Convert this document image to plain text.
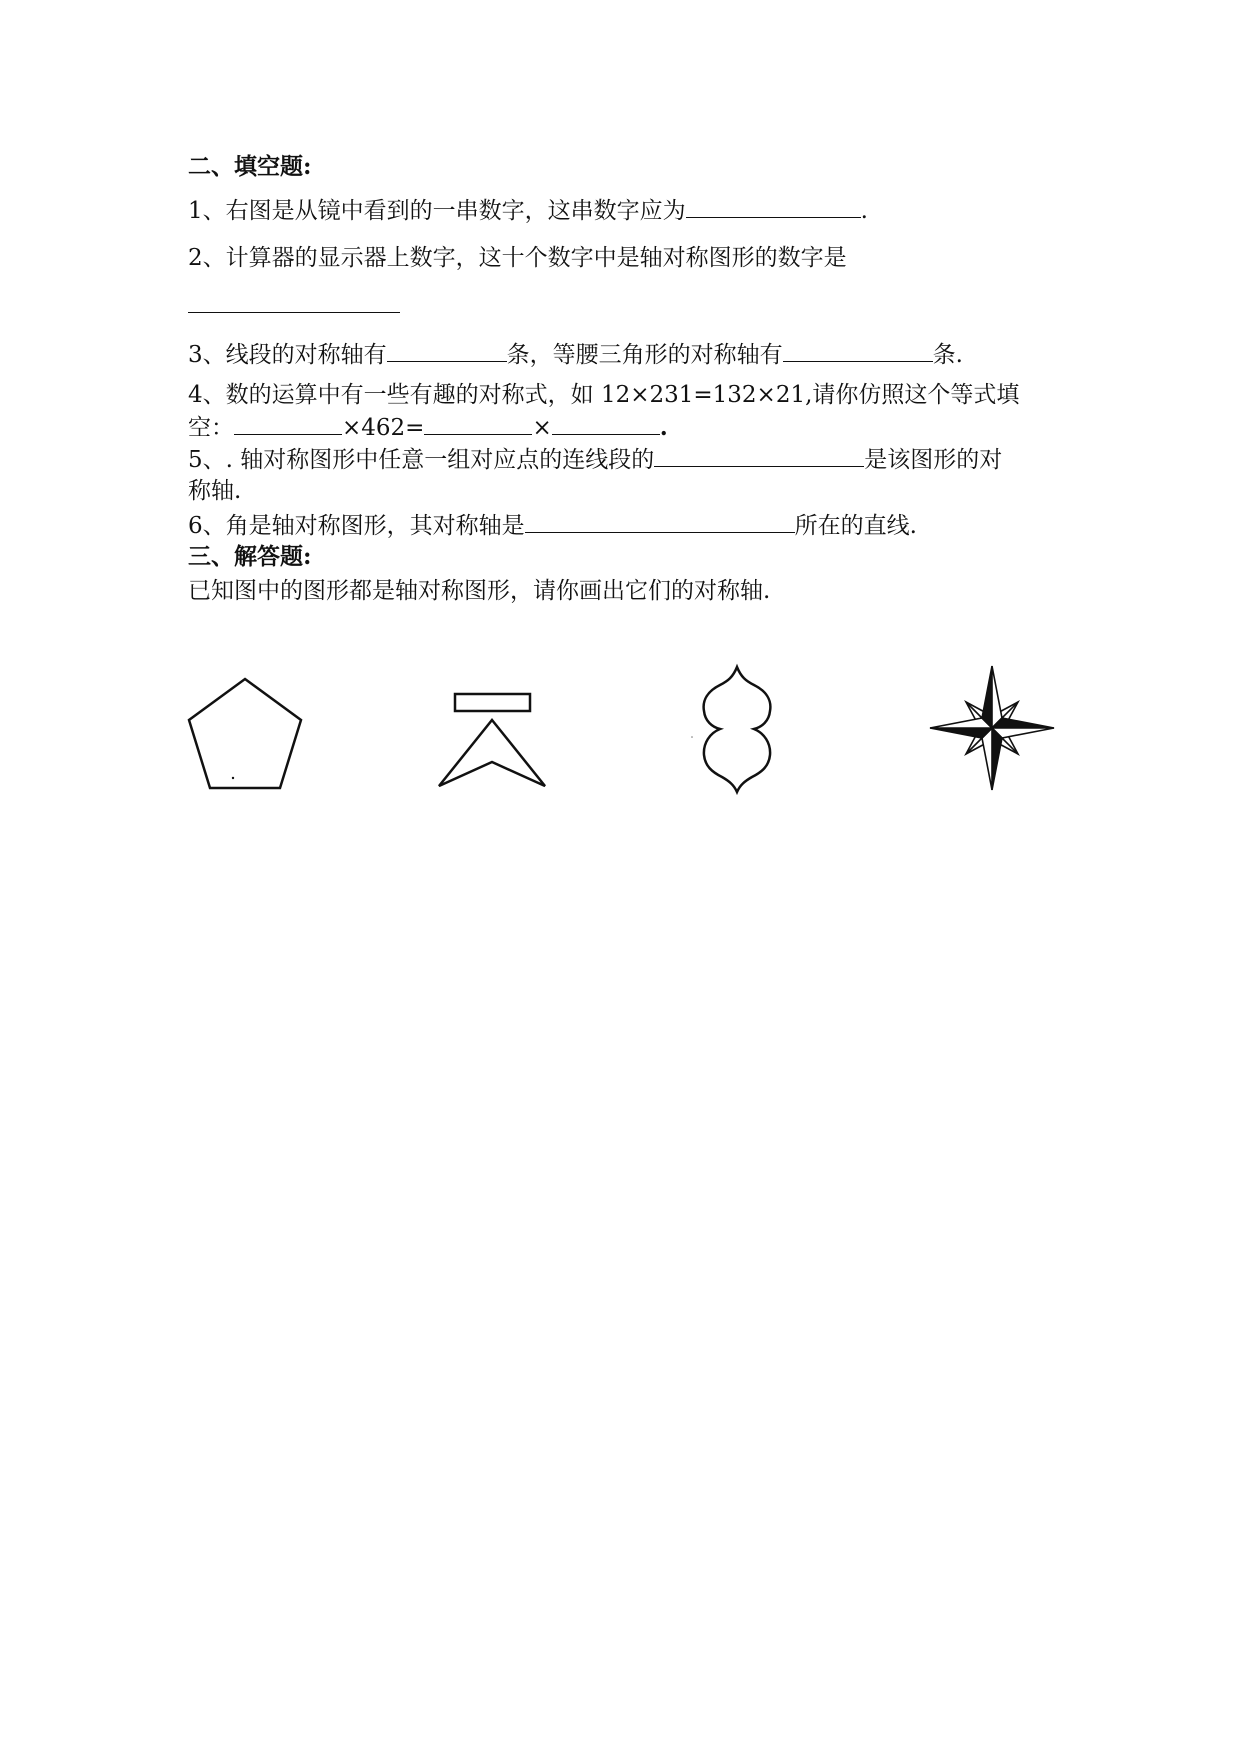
二、填空题:
1、右图是从镜中看到的一串数字，这串数字应为	.
2、计算器的显示器上数字，这十个数字中是轴对称图形的数字是
3、线段的对称轴有	条，等腰三角形的对称轴有	条.
4、数的运算中有一些有趣的对称式，如 12×231=132×21,请你仿照这个等式填
空：	×462=	×	.
5、. 轴对称图形中任意一组对应点的连线段的	是该图形的对
称轴.
6、角是轴对称图形，其对称轴是	所在的直线.
三、解答题:
已知图中的图形都是轴对称图形，请你画出它们的对称轴.
